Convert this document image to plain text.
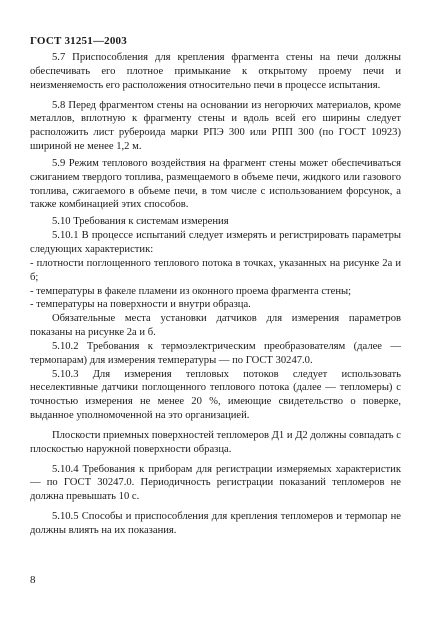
ГОСТ 31251—2003

5.7 Приспособления для крепления фрагмента стены на печи должны обеспечивать его плотное примыкание к открытому проему печи и неизменяемость его расположения относительно печи в процессе испытания.

5.8 Перед фрагментом стены на основании из негорючих материалов, кроме металлов, вплотную к фрагменту стены и вдоль всей его ширины следует расположить лист рубероида марки РПЭ 300 или РПП 300 (по ГОСТ 10923) шириной не менее 1,2 м.

5.9 Режим теплового воздействия на фрагмент стены может обеспечиваться сжиганием твердого топлива, размещаемого в объеме печи, жидкого или газового топлива, сжигаемого в объеме печи, в том числе с использованием форсунок, а также комбинацией этих способов.

5.10 Требования к системам измерения

5.10.1 В процессе испытаний следует измерять и регистрировать параметры следующих характеристик:

- плотности поглощенного теплового потока в точках, указанных на рисунке 2а и б;

- температуры в факеле пламени из оконного проема фрагмента стены;

- температуры на поверхности и внутри образца.

Обязательные места установки датчиков для измерения параметров показаны на рисунке 2а и б.

5.10.2 Требования к термоэлектрическим преобразователям (далее —термопарам) для измерения температуры — по ГОСТ 30247.0.

5.10.3 Для измерения тепловых потоков следует использовать неселективные датчики поглощенного теплового потока (далее — тепломеры) с точностью измерения не менее 20 %, имеющие свидетельство о поверке, выданное уполномоченной на это организацией.

Плоскости приемных поверхностей тепломеров Д1 и Д2 должны совпадать с плоскостью наружной поверхности образца.

5.10.4 Требования к приборам для регистрации измеряемых характеристик — по ГОСТ 30247.0. Периодичность регистрации показаний тепломеров не должна превышать 10 с.

5.10.5 Способы и приспособления для крепления тепломеров и термопар не должны влиять на их показания.

8
